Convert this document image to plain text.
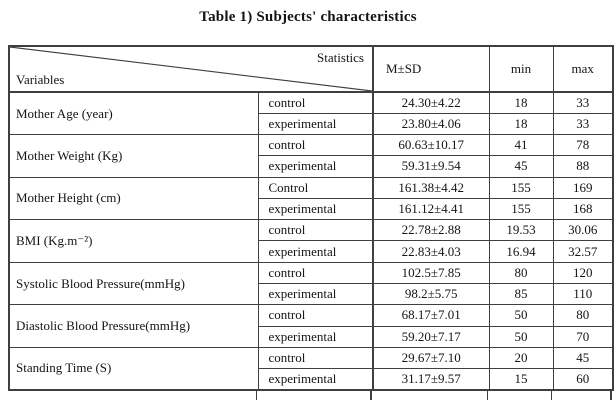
Table 1) Subjects' characteristics
Statistics
Variables		M±SD	min	max
Mother Age (year)	control	24.30±4.22	18	33
	experimental	23.80±4.06	18	33
Mother Weight (Kg)	control	60.63±10.17	41	78
	experimental	59.31±9.54	45	88
Mother Height (cm)	Control	161.38±4.42	155	169
	experimental	161.12±4.41	155	168
BMI (Kg.m⁻²)	control	22.78±2.88	19.53	30.06
	experimental	22.83±4.03	16.94	32.57
Systolic Blood Pressure(mmHg)	control	102.5±7.85	80	120
	experimental	98.2±5.75	85	110
Diastolic Blood Pressure(mmHg)	control	68.17±7.01	50	80
	experimental	59.20±7.17	50	70
Standing Time (S)	control	29.67±7.10	20	45
	experimental	31.17±9.57	15	60
